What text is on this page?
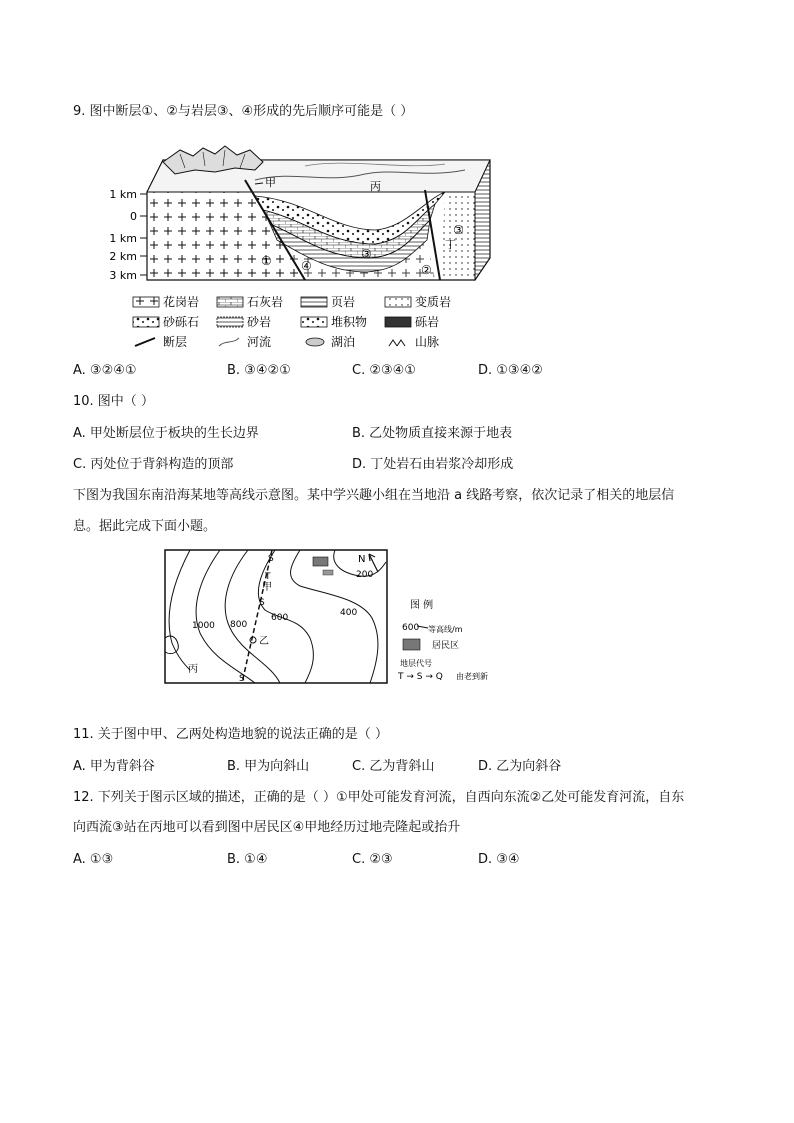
9. 图中断层①、②与岩层③、④形成的先后顺序可能是（ ）
1 km
0
1 km
2 km
3 km
甲	丙
丁
①
②
③
③
④
花岗岩	石灰岩	页岩	变质岩
砂砾石	砂岩	堆积物	砾岩
断层	河流	湖泊	山脉
A. ③②④①	B. ③④②①	C. ②③④①	D. ①③④②
10. 图中（ ）
A. 甲处断层位于板块的生长边界	B. 乙处物质直接来源于地表
C. 丙处位于背斜构造的顶部	D. 丁处岩石由岩浆冷却形成
下图为我国东南沿海某地等高线示意图。某中学兴趣小组在当地沿 a 线路考察，依次记录了相关的地层信
息。据此完成下面小题。
N
1000 800
600	400
200
S
T
S
S
甲
乙
丙
图 例
600 等高线/m
居民区
地层代号
T → S → Q 由老到新
11. 关于图中甲、乙两处构造地貌的说法正确的是（ ）
A. 甲为背斜谷	B. 甲为向斜山	C. 乙为背斜山	D. 乙为向斜谷
12. 下列关于图示区域的描述，正确的是（ ）①甲处可能发育河流，自西向东流②乙处可能发育河流，自东
向西流③站在丙地可以看到图中居民区④甲地经历过地壳隆起或抬升
A. ①③	B. ①④	C. ②③	D. ③④
